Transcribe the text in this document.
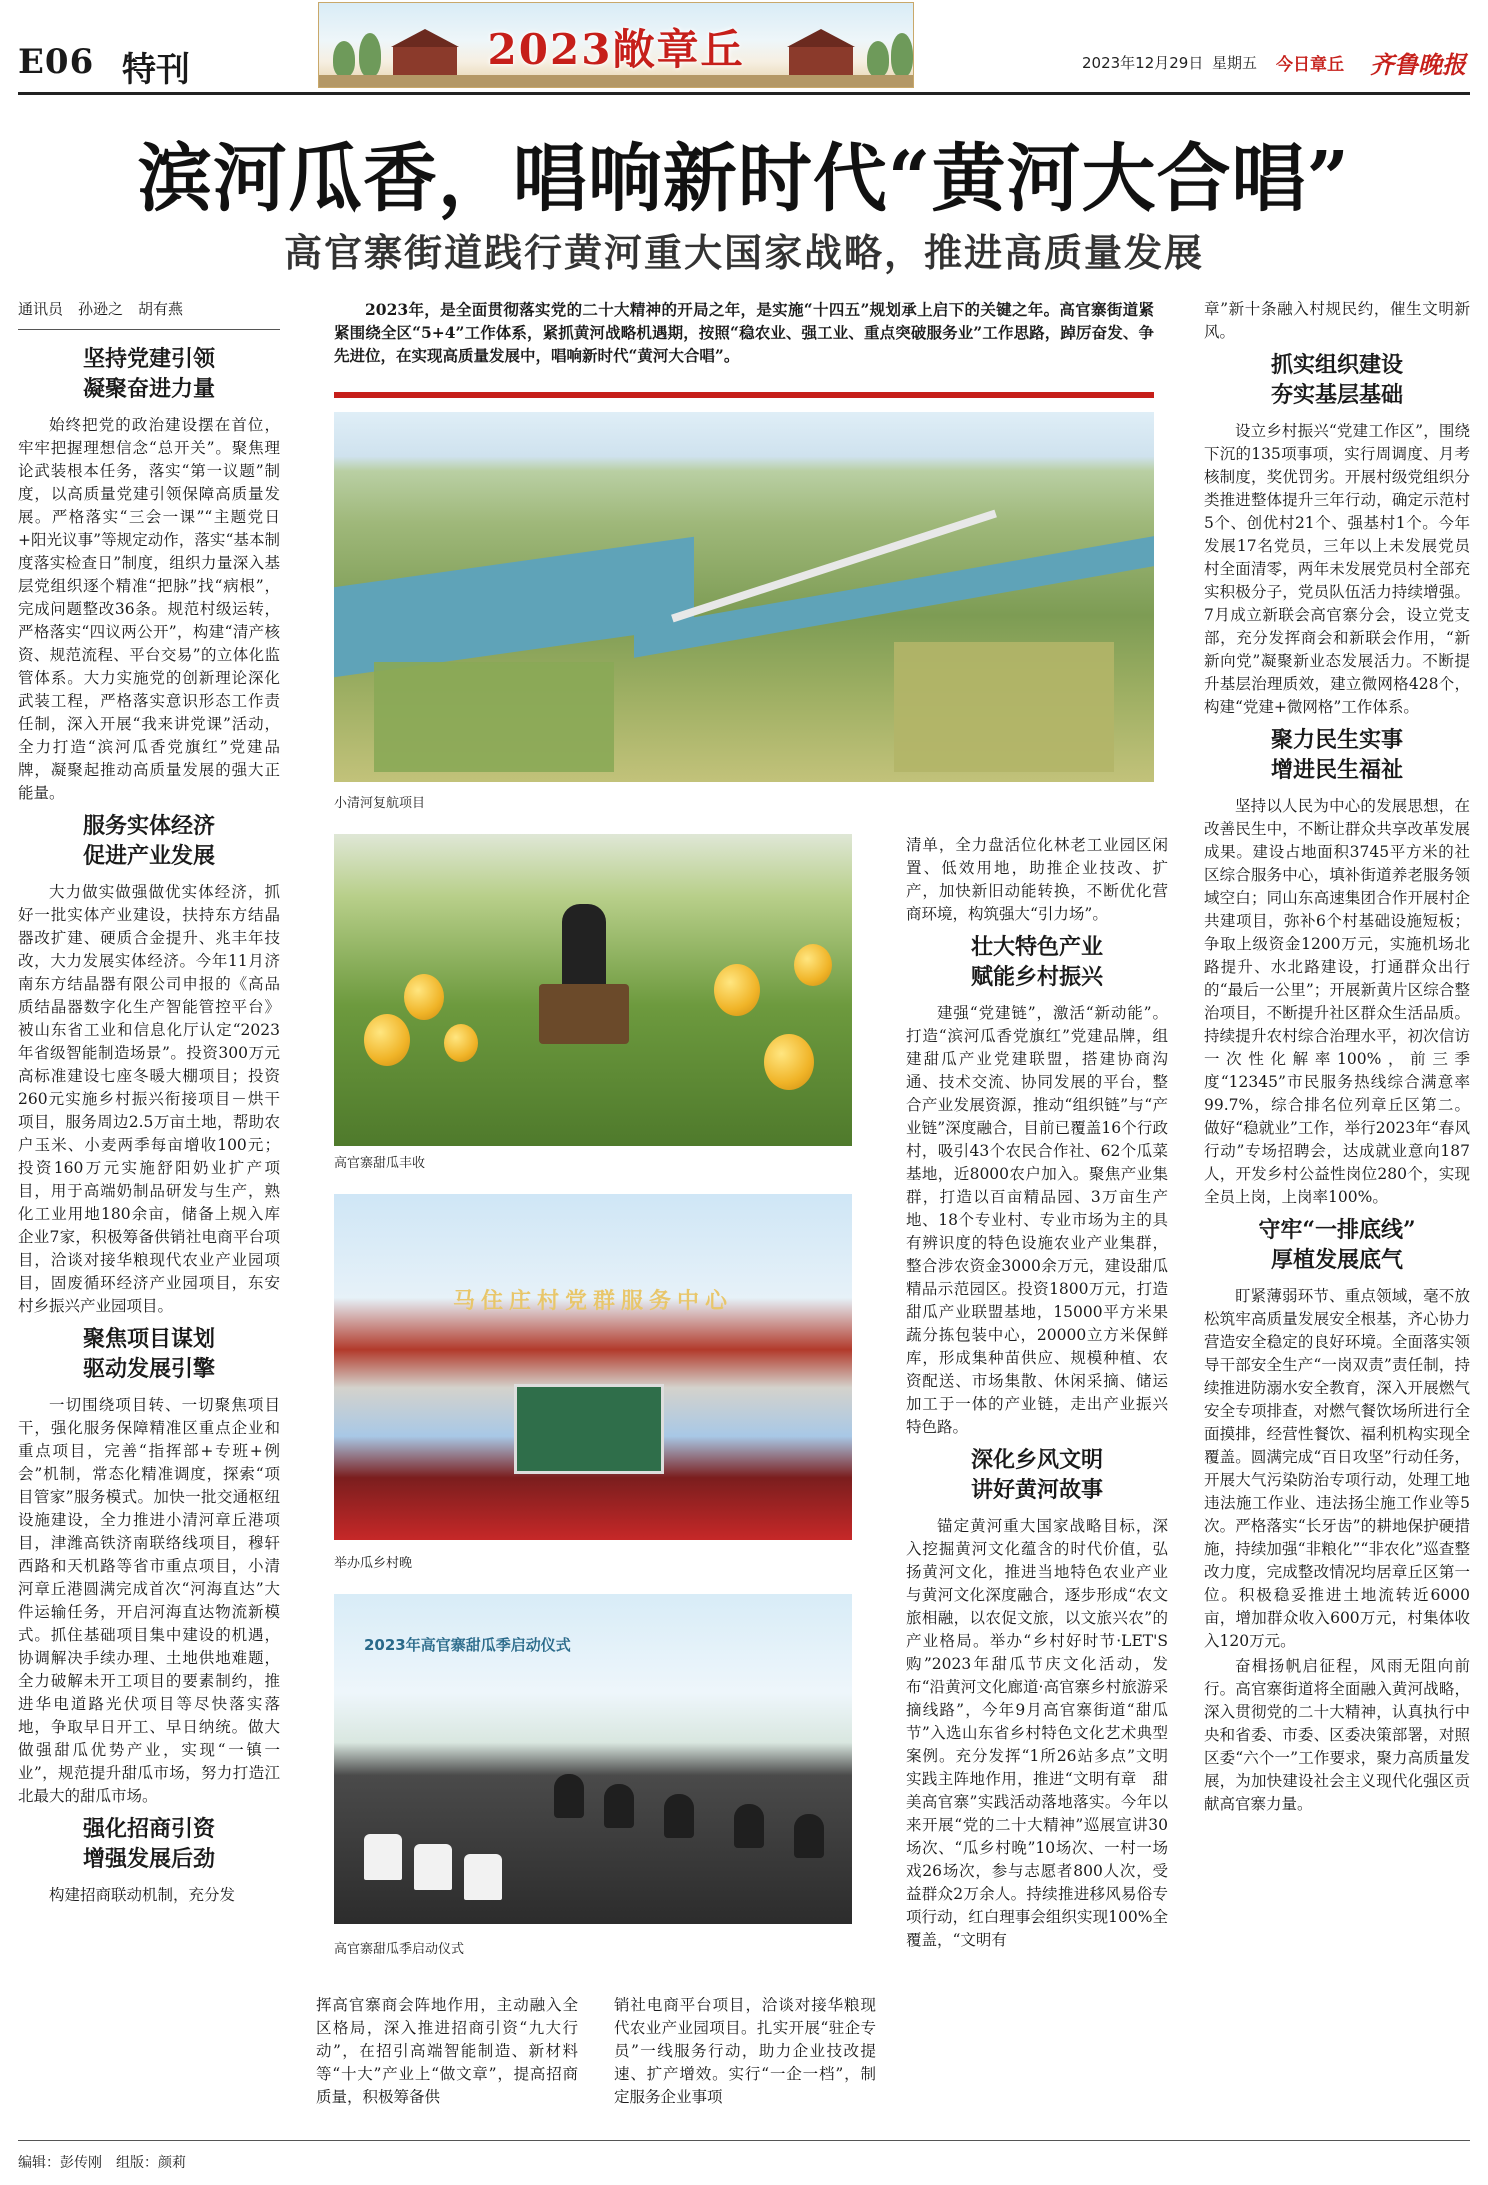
E06 特刊	2023敞章丘	2023年12月29日 星期五 今日章丘 齐鲁晚报
滨河瓜香，唱响新时代“黄河大合唱”
高官寨街道践行黄河重大国家战略，推进高质量发展
通讯员　孙逊之　胡有燕
坚持党建引领
凝聚奋进力量

始终把党的政治建设摆在首位，牢牢把握理想信念“总开关”。聚焦理论武装根本任务，落实“第一议题”制度，以高质量党建引领保障高质量发展。严格落实“三会一课”“主题党日+阳光议事”等规定动作，落实“基本制度落实检查日”制度，组织力量深入基层党组织逐个精准“把脉”找“病根”，完成问题整改36条。规范村级运转，严格落实“四议两公开”，构建“清产核资、规范流程、平台交易”的立体化监管体系。大力实施党的创新理论深化武装工程，严格落实意识形态工作责任制，深入开展“我来讲党课”活动，全力打造“滨河瓜香党旗红”党建品牌，凝聚起推动高质量发展的强大正能量。

服务实体经济
促进产业发展

大力做实做强做优实体经济，抓好一批实体产业建设，扶持东方结晶器改扩建、硬质合金提升、兆丰年技改，大力发展实体经济。今年11月济南东方结晶器有限公司申报的《高品质结晶器数字化生产智能管控平台》被山东省工业和信息化厅认定“2023年省级智能制造场景”。投资300万元高标准建设七座冬暖大棚项目；投资260元实施乡村振兴衔接项目－烘干项目，服务周边2.5万亩土地，帮助农户玉米、小麦两季每亩增收100元；投资160万元实施舒阳奶业扩产项目，用于高端奶制品研发与生产，熟化工业用地180余亩，储备上规入库企业7家，积极筹备供销社电商平台项目，洽谈对接华粮现代农业产业园项目，固废循环经济产业园项目，东安村乡振兴产业园项目。

聚焦项目谋划
驱动发展引擎

一切围绕项目转、一切聚焦项目干，强化服务保障精准区重点企业和重点项目，完善“指挥部+专班+例会”机制，常态化精准调度，探索“项目管家”服务模式。加快一批交通枢纽设施建设，全力推进小清河章丘港项目，津潍高铁济南联络线项目，穆轩西路和天机路等省市重点项目，小清河章丘港圆满完成首次“河海直达”大件运输任务，开启河海直达物流新模式。抓住基础项目集中建设的机遇，协调解决手续办理、土地供地难题，全力破解未开工项目的要素制约，推进华电道路光伏项目等尽快落实落地，争取早日开工、早日纳统。做大做强甜瓜优势产业，实现“一镇一业”，规范提升甜瓜市场，努力打造江北最大的甜瓜市场。

强化招商引资
增强发展后劲

构建招商联动机制，充分发

2023年，是全面贯彻落实党的二十大精神的开局之年，是实施“十四五”规划承上启下的关键之年。高官寨街道紧紧围绕全区“5+4”工作体系，紧抓黄河战略机遇期，按照“稳农业、强工业、重点突破服务业”工作思路，踔厉奋发、争先进位，在实现高质量发展中，唱响新时代“黄河大合唱”。

小清河复航项目
高官寨甜瓜丰收
马住庄村党群服务中心
举办瓜乡村晚
2023年高官寨甜瓜季启动仪式
高官寨甜瓜季启动仪式

挥高官寨商会阵地作用，主动融入全区格局，深入推进招商引资“九大行动”，在招引高端智能制造、新材料等“十大”产业上“做文章”，提高招商质量，积极筹备供

销社电商平台项目，洽谈对接华粮现代农业产业园项目。扎实开展“驻企专员”一线服务行动，助力企业技改提速、扩产增效。实行“一企一档”，制定服务企业事项

清单，全力盘活位化林老工业园区闲置、低效用地，助推企业技改、扩产，加快新旧动能转换，不断优化营商环境，构筑强大“引力场”。

壮大特色产业
赋能乡村振兴

建强“党建链”，激活“新动能”。打造“滨河瓜香党旗红”党建品牌，组建甜瓜产业党建联盟，搭建协商沟通、技术交流、协同发展的平台，整合产业发展资源，推动“组织链”与“产业链”深度融合，目前已覆盖16个行政村，吸引43个农民合作社、62个瓜菜基地，近8000农户加入。聚焦产业集群，打造以百亩精品园、3万亩生产地、18个专业村、专业市场为主的具有辨识度的特色设施农业产业集群，整合涉农资金3000余万元，建设甜瓜精品示范园区。投资1800万元，打造甜瓜产业联盟基地，15000平方米果蔬分拣包装中心，20000立方米保鲜库，形成集种苗供应、规模种植、农资配送、市场集散、休闲采摘、储运加工于一体的产业链，走出产业振兴特色路。

深化乡风文明
讲好黄河故事

锚定黄河重大国家战略目标，深入挖掘黄河文化蕴含的时代价值，弘扬黄河文化，推进当地特色农业产业与黄河文化深度融合，逐步形成“农文旅相融，以农促文旅，以文旅兴农”的产业格局。举办“乡村好时节·LET'S购”2023年甜瓜节庆文化活动，发布“沿黄河文化廊道·高官寨乡村旅游采摘线路”，今年9月高官寨街道“甜瓜节”入选山东省乡村特色文化艺术典型案例。充分发挥“1所26站多点”文明实践主阵地作用，推进“文明有章　甜美高官寨”实践活动落地落实。今年以来开展“党的二十大精神”巡展宣讲30场次、“瓜乡村晚”10场次、一村一场戏26场次，参与志愿者800人次，受益群众2万余人。持续推进移风易俗专项行动，红白理事会组织实现100%全覆盖，“文明有

章”新十条融入村规民约，催生文明新风。

抓实组织建设
夯实基层基础

设立乡村振兴“党建工作区”，围绕下沉的135项事项，实行周调度、月考核制度，奖优罚劣。开展村级党组织分类推进整体提升三年行动，确定示范村5个、创优村21个、强基村1个。今年发展17名党员，三年以上未发展党员村全面清零，两年未发展党员村全部充实积极分子，党员队伍活力持续增强。7月成立新联会高官寨分会，设立党支部，充分发挥商会和新联会作用，“新新向党”凝聚新业态发展活力。不断提升基层治理质效，建立微网格428个，构建“党建+微网格”工作体系。

聚力民生实事
增进民生福祉

坚持以人民为中心的发展思想，在改善民生中，不断让群众共享改革发展成果。建设占地面积3745平方米的社区综合服务中心，填补街道养老服务领域空白；同山东高速集团合作开展村企共建项目，弥补6个村基础设施短板；争取上级资金1200万元，实施机场北路提升、水北路建设，打通群众出行的“最后一公里”；开展新黄片区综合整治项目，不断提升社区群众生活品质。持续提升农村综合治理水平，初次信访一次性化解率100%，前三季度“12345”市民服务热线综合满意率99.7%，综合排名位列章丘区第二。做好“稳就业”工作，举行2023年“春风行动”专场招聘会，达成就业意向187人，开发乡村公益性岗位280个，实现全员上岗，上岗率100%。

守牢“一排底线”
厚植发展底气

盯紧薄弱环节、重点领域，毫不放松筑牢高质量发展安全根基，齐心协力营造安全稳定的良好环境。全面落实领导干部安全生产“一岗双责”责任制，持续推进防溺水安全教育，深入开展燃气安全专项排查，对燃气餐饮场所进行全面摸排，经营性餐饮、福利机构实现全覆盖。圆满完成“百日攻坚”行动任务，开展大气污染防治专项行动，处理工地违法施工作业、违法扬尘施工作业等5次。严格落实“长牙齿”的耕地保护硬措施，持续加强“非粮化”“非农化”巡查整改力度，完成整改情况均居章丘区第一位。积极稳妥推进土地流转近6000亩，增加群众收入600万元，村集体收入120万元。

奋楫扬帆启征程，风雨无阻向前行。高官寨街道将全面融入黄河战略，深入贯彻党的二十大精神，认真执行中央和省委、市委、区委决策部署，对照区委“六个一”工作要求，聚力高质量发展，为加快建设社会主义现代化强区贡献高官寨力量。

编辑：彭传刚　组版：颜莉
